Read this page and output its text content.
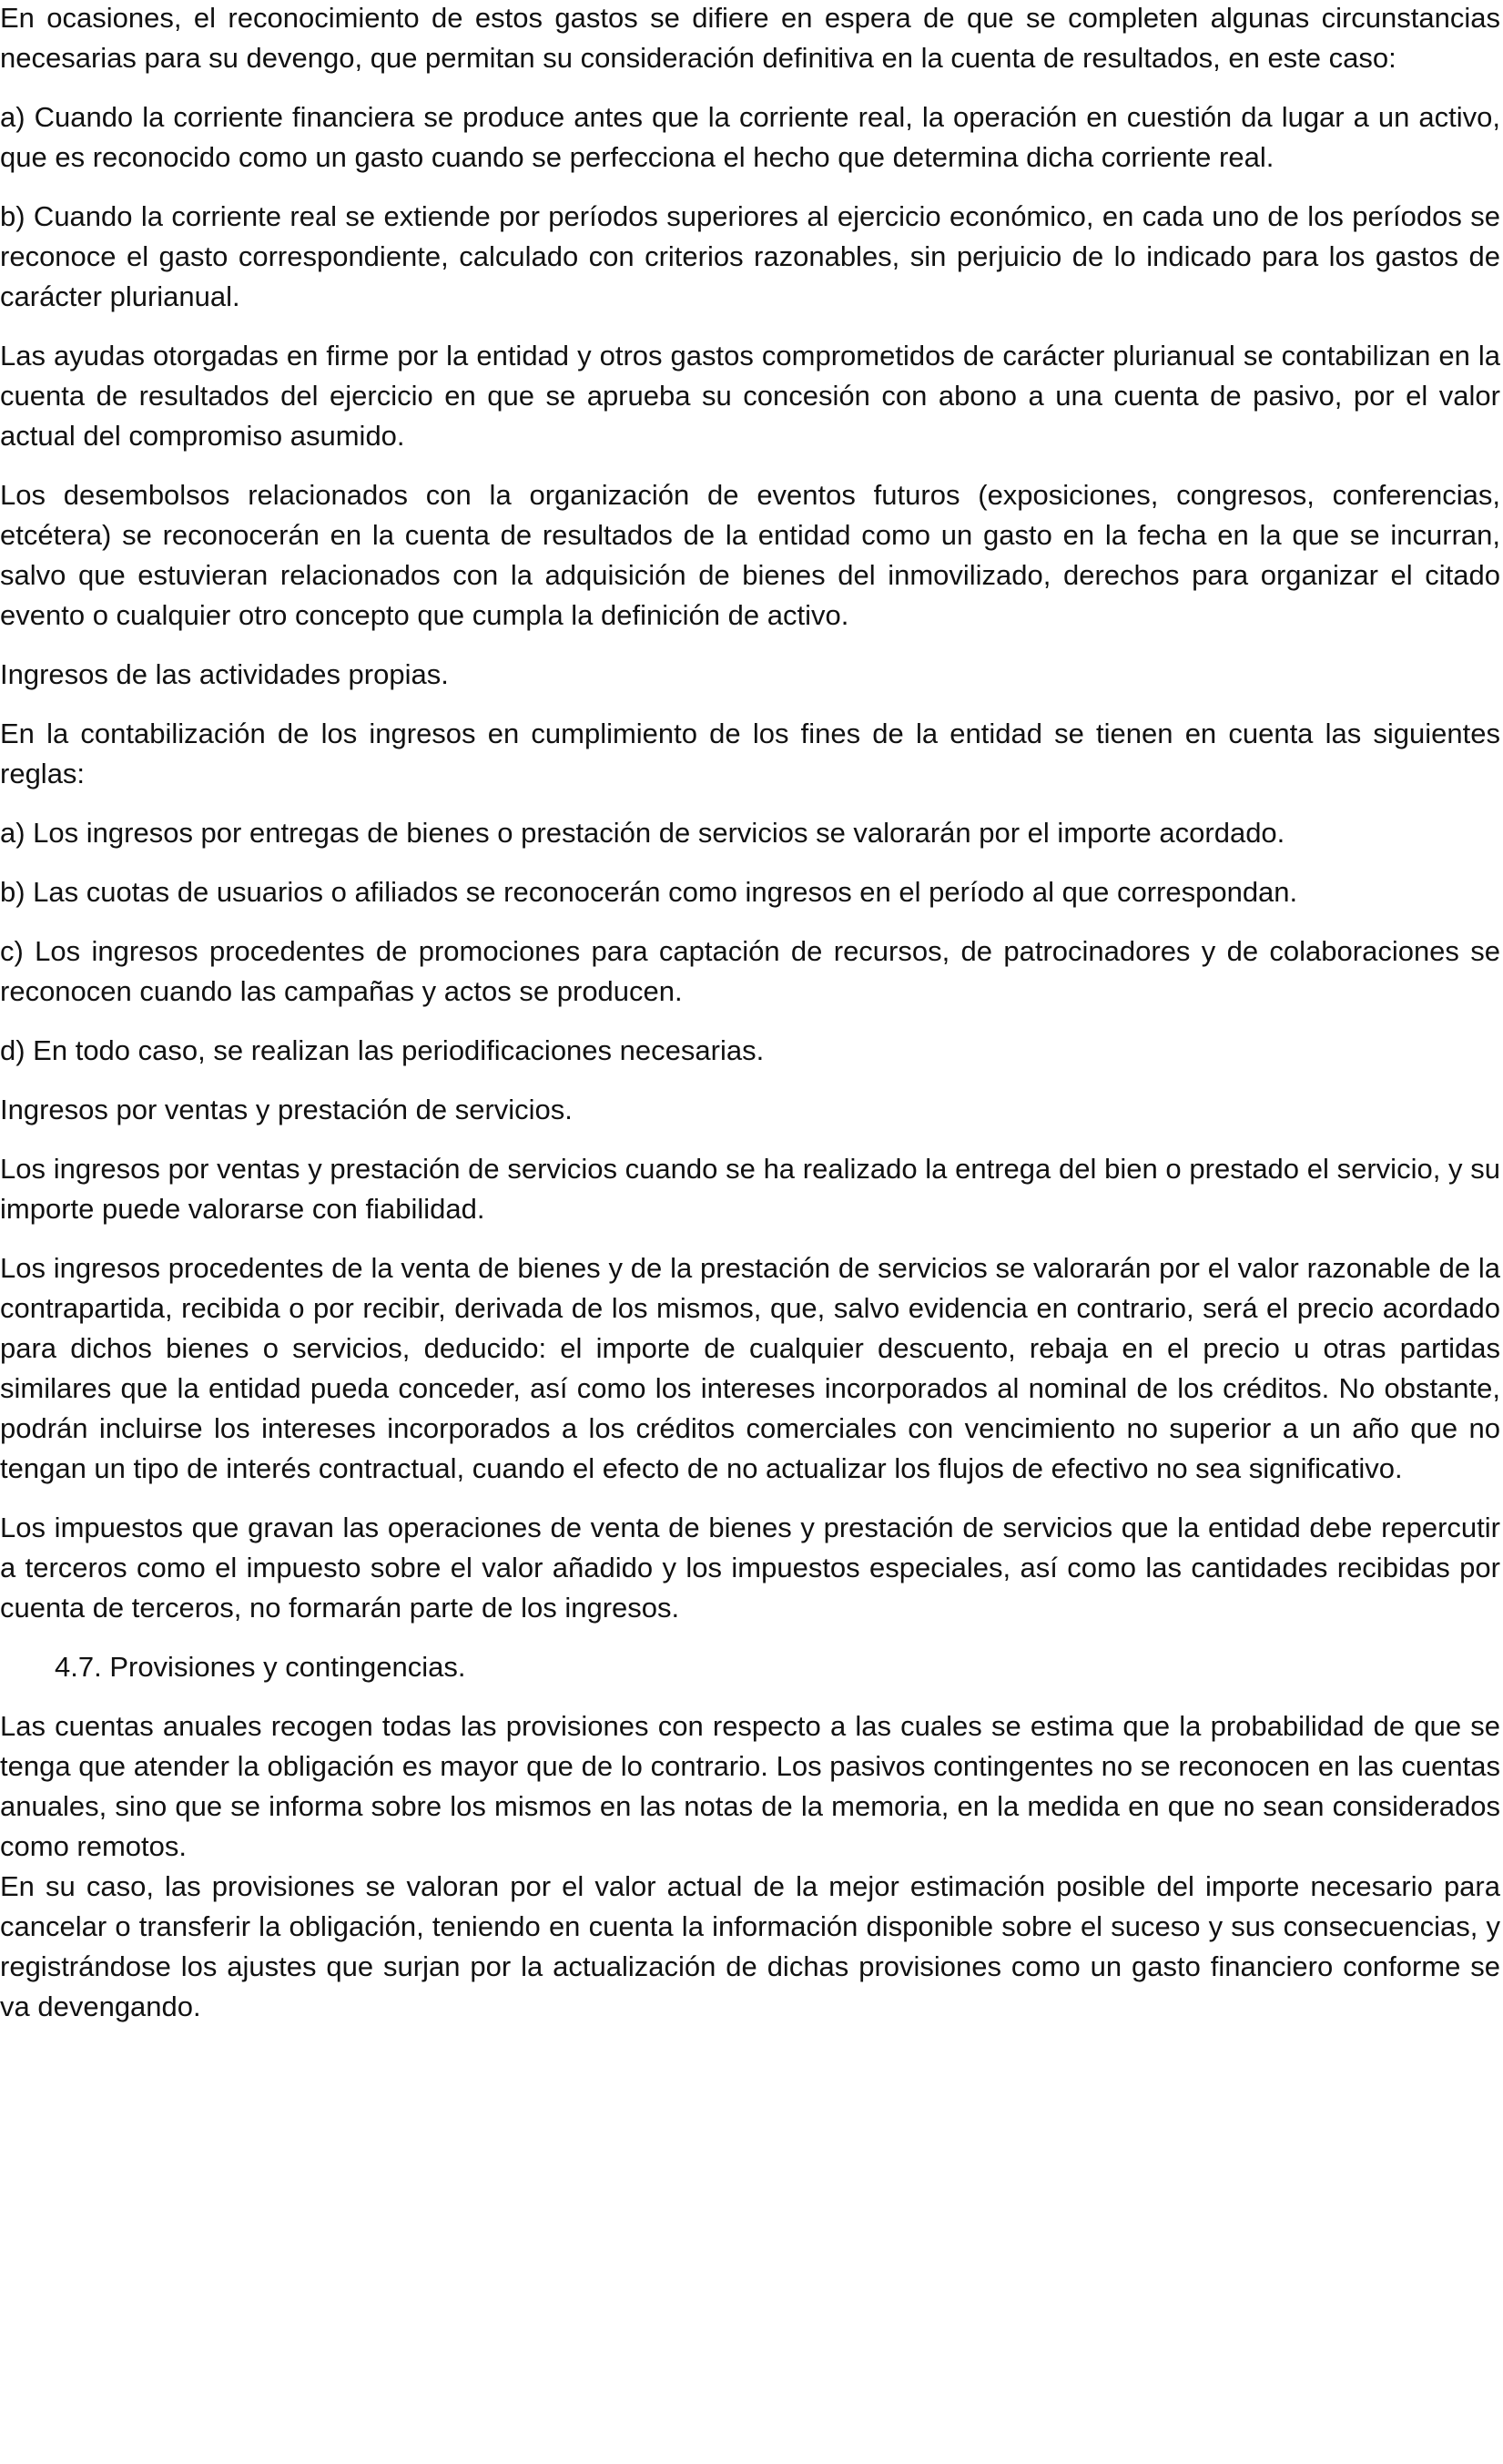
En ocasiones, el reconocimiento de estos gastos se difiere en espera de que se completen algunas circunstancias necesarias para su devengo, que permitan su consideración definitiva en la cuenta de resultados, en este caso:

a) Cuando la corriente financiera se produce antes que la corriente real, la operación en cuestión da lugar a un activo, que es reconocido como un gasto cuando se perfecciona el hecho que determina dicha corriente real.

b) Cuando la corriente real se extiende por períodos superiores al ejercicio económico, en cada uno de los períodos se reconoce el gasto correspondiente, calculado con criterios razonables, sin perjuicio de lo indicado para los gastos de carácter plurianual.

Las ayudas otorgadas en firme por la entidad y otros gastos comprometidos de carácter plurianual se contabilizan en la cuenta de resultados del ejercicio en que se aprueba su concesión con abono a una cuenta de pasivo, por el valor actual del compromiso asumido.

Los desembolsos relacionados con la organización de eventos futuros (exposiciones, congresos, conferencias, etcétera) se reconocerán en la cuenta de resultados de la entidad como un gasto en la fecha en la que se incurran, salvo que estuvieran relacionados con la adquisición de bienes del inmovilizado, derechos para organizar el citado evento o cualquier otro concepto que cumpla la definición de activo.

Ingresos de las actividades propias.

En la contabilización de los ingresos en cumplimiento de los fines de la entidad se tienen en cuenta las siguientes reglas:

a) Los ingresos por entregas de bienes o prestación de servicios se valorarán por el importe acordado.

b) Las cuotas de usuarios o afiliados se reconocerán como ingresos en el período al que correspondan.

c) Los ingresos procedentes de promociones para captación de recursos, de patrocinadores y de colaboraciones se reconocen cuando las campañas y actos se producen.

d) En todo caso, se realizan las periodificaciones necesarias.

Ingresos por ventas y prestación de servicios.

Los ingresos por ventas y prestación de servicios cuando se ha realizado la entrega del bien o prestado el servicio, y su importe puede valorarse con fiabilidad.

Los ingresos procedentes de la venta de bienes y de la prestación de servicios se valorarán por el valor razonable de la contrapartida, recibida o por recibir, derivada de los mismos, que, salvo evidencia en contrario, será el precio acordado para dichos bienes o servicios, deducido: el importe de cualquier descuento, rebaja en el precio u otras partidas similares que la entidad pueda conceder, así como los intereses incorporados al nominal de los créditos. No obstante, podrán incluirse los intereses incorporados a los créditos comerciales con vencimiento no superior a un año que no tengan un tipo de interés contractual, cuando el efecto de no actualizar los flujos de efectivo no sea significativo.

Los impuestos que gravan las operaciones de venta de bienes y prestación de servicios que la entidad debe repercutir a terceros como el impuesto sobre el valor añadido y los impuestos especiales, así como las cantidades recibidas por cuenta de terceros, no formarán parte de los ingresos.

4.7. Provisiones y contingencias.

Las cuentas anuales recogen todas las provisiones con respecto a las cuales se estima que la probabilidad de que se tenga que atender la obligación es mayor que de lo contrario. Los pasivos contingentes no se reconocen en las cuentas anuales, sino que se informa sobre los mismos en las notas de la memoria, en la medida en que no sean considerados como remotos.

En su caso, las provisiones se valoran por el valor actual de la mejor estimación posible del importe necesario para cancelar o transferir la obligación, teniendo en cuenta la información disponible sobre el suceso y sus consecuencias, y registrándose los ajustes que surjan por la actualización de dichas provisiones como un gasto financiero conforme se va devengando.
